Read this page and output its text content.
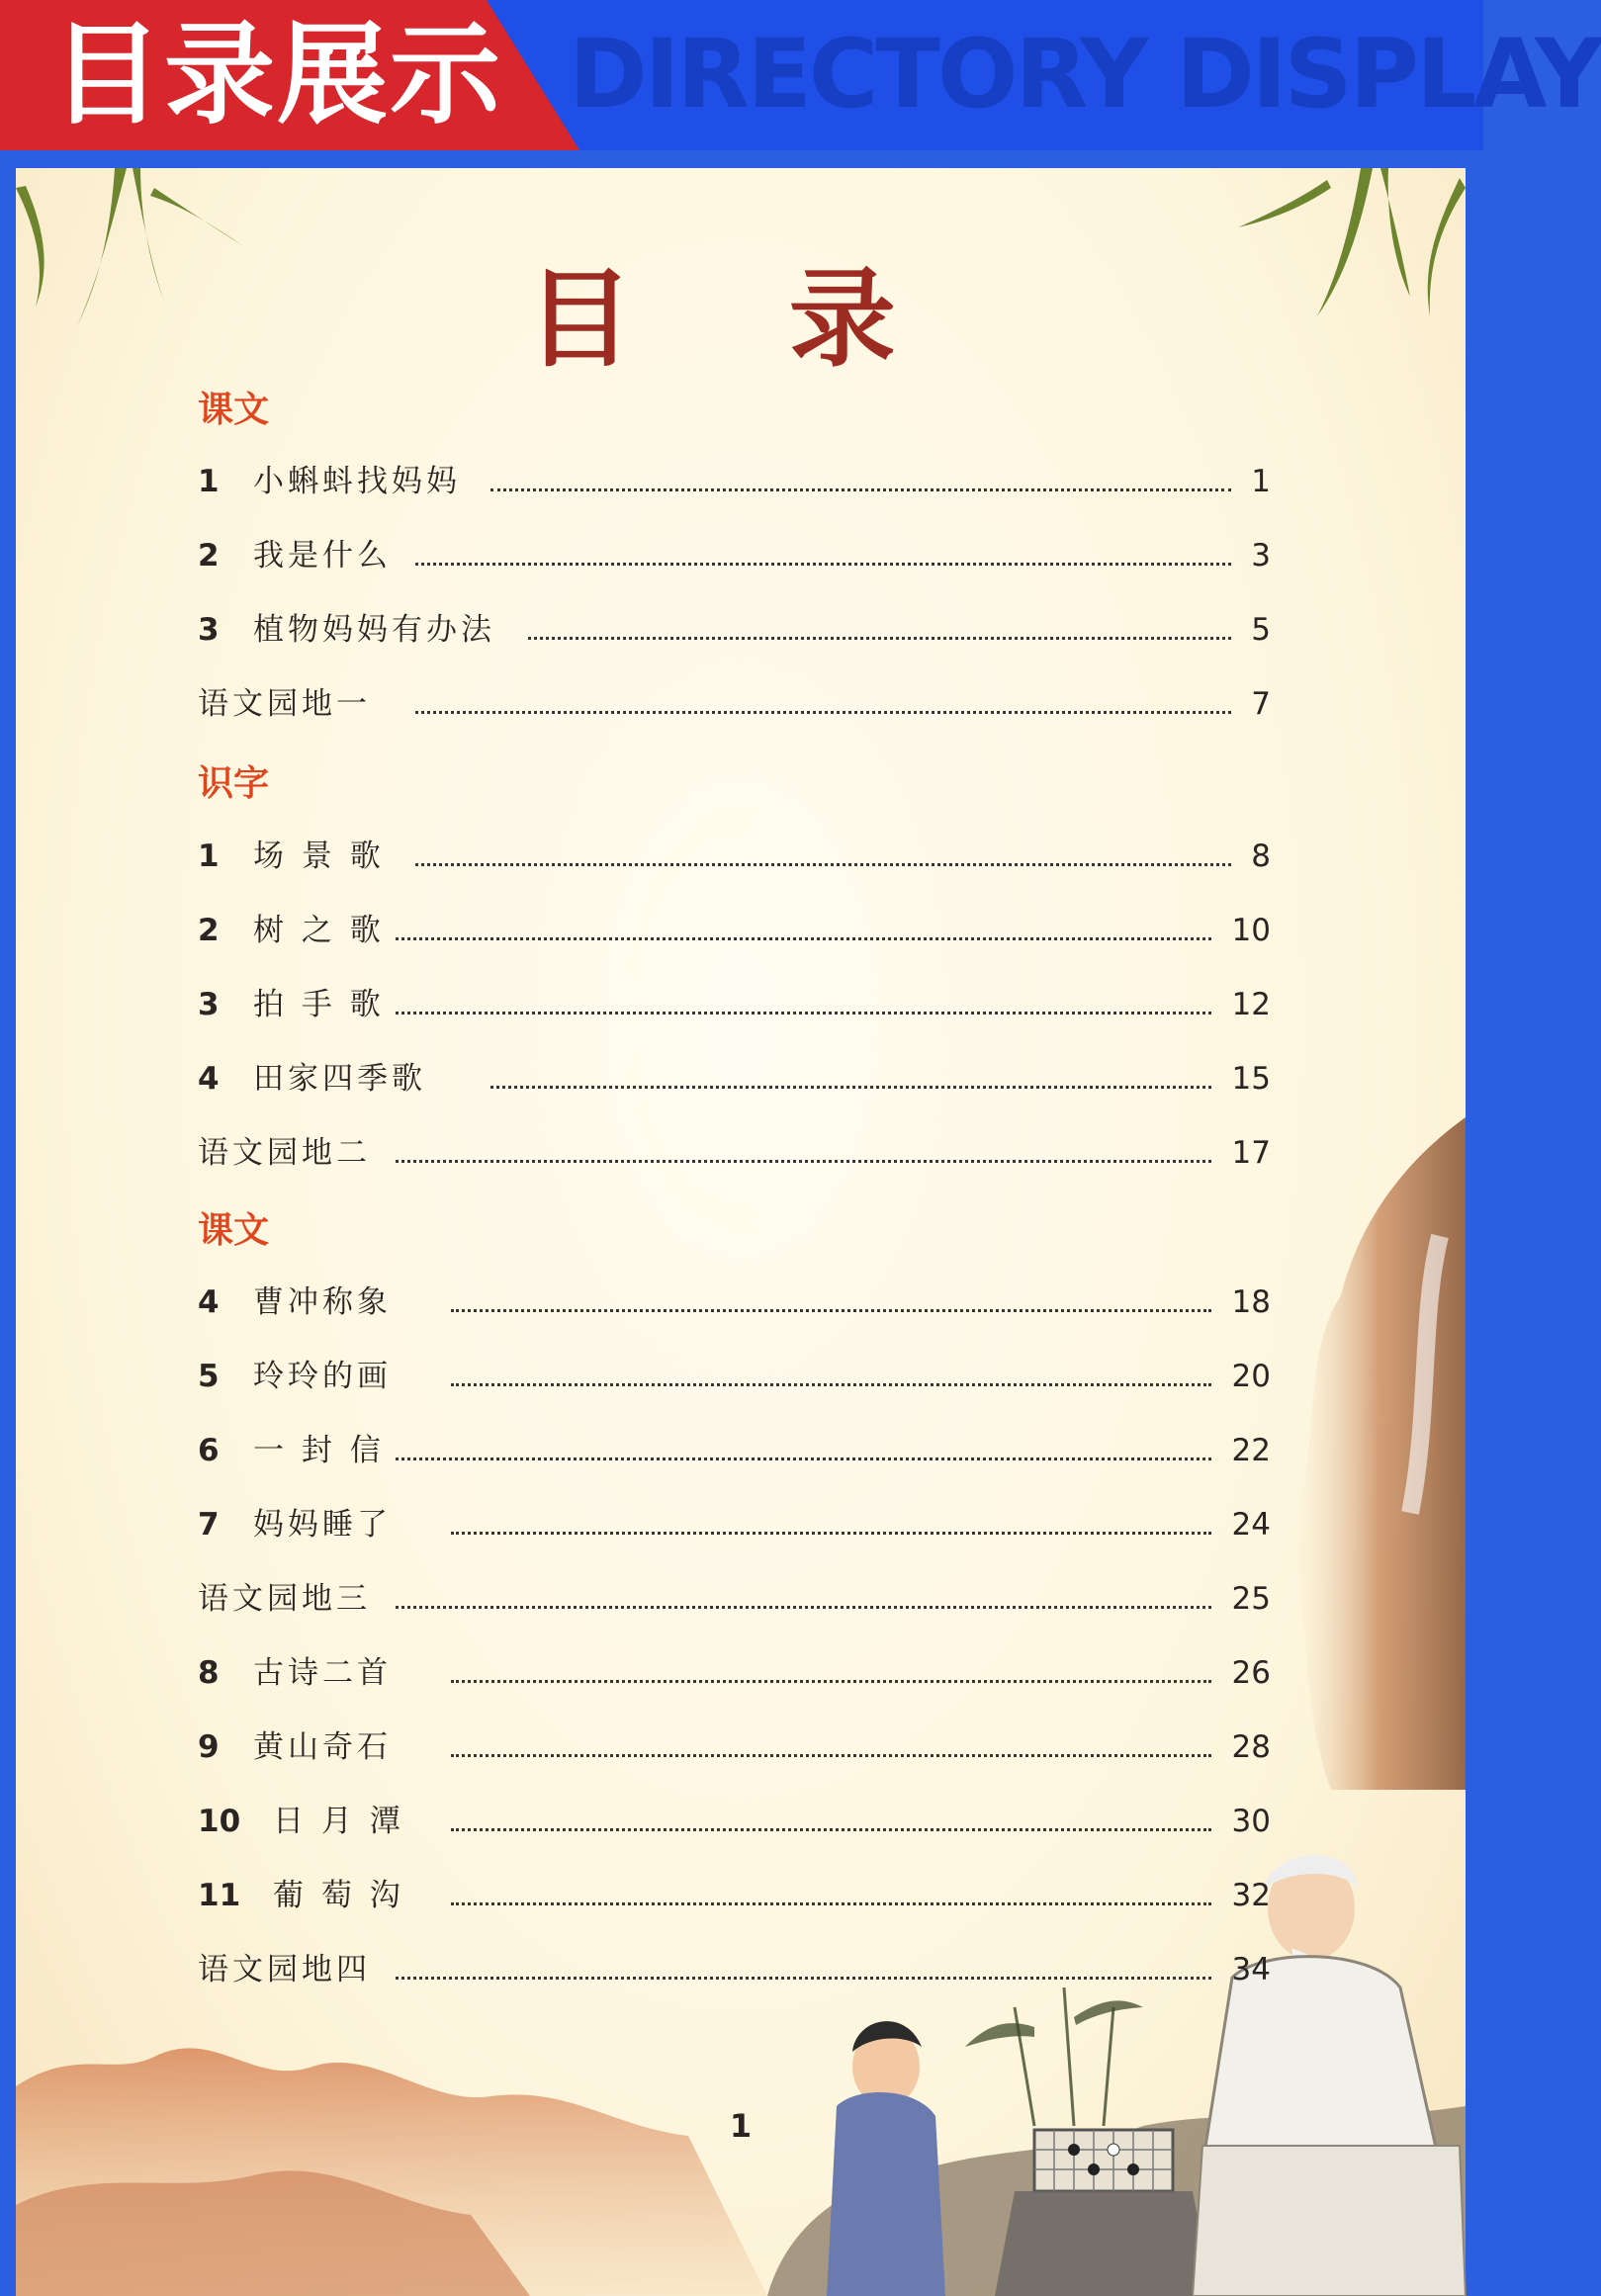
DIRECTORY DISPLAY
目录展示
目 录
课文
1 小蝌蚪找妈妈	1
2 我是什么	3
3 植物妈妈有办法	5
语文园地一	7
识字
1 场 景 歌	8
2 树 之 歌	10
3 拍 手 歌	12
4 田家四季歌	15
语文园地二	17
课文
4 曹冲称象	18
5 玲玲的画	20
6 一 封 信	22
7 妈妈睡了	24
语文园地三	25
8 古诗二首	26
9 黄山奇石	28
10 日 月 潭	30
11 葡 萄 沟	32
语文园地四	34
1
